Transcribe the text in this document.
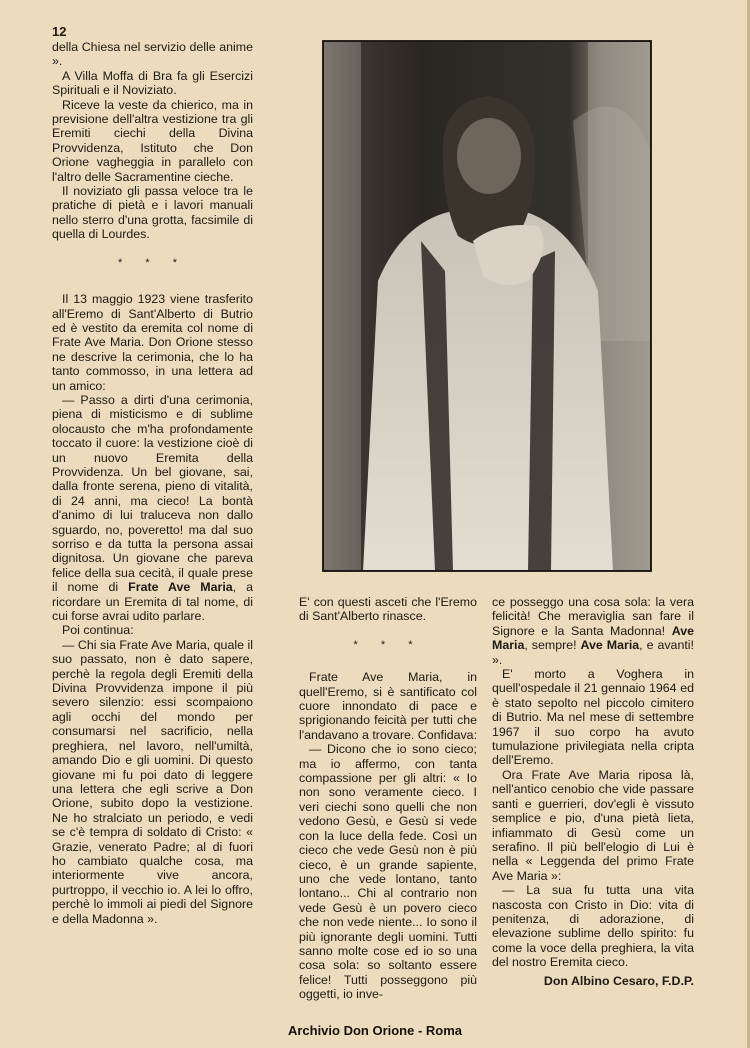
12

della Chiesa nel servizio delle anime ».

A Villa Moffa di Bra fa gli Esercizi Spirituali e il Noviziato.

Riceve la veste da chierico, ma in previsione dell'altra vestizione tra gli Eremiti ciechi della Divina Provvidenza, Istituto che Don Orione vagheggia in parallelo con l'altro delle Sacramentine cieche.

Il noviziato gli passa veloce tra le pratiche di pietà e i lavori manuali nello sterro d'una grotta, facsimile di quella di Lourdes.

* * *

Il 13 maggio 1923 viene trasferito all'Eremo di Sant'Alberto di Butrio ed è vestito da eremita col nome di Frate Ave Maria. Don Orione stesso ne descrive la cerimonia, che lo ha tanto commosso, in una lettera ad un amico:

— Passo a dirti d'una cerimonia, piena di misticismo e di sublime olocausto che m'ha profondamente toccato il cuore: la vestizione cioè di un nuovo Eremita della Provvidenza. Un bel giovane, sai, dalla fronte serena, pieno di vitalità, di 24 anni, ma cieco! La bontà d'animo di lui traluceva non dallo sguardo, no, poveretto! ma dal suo sorriso e da tutta la persona assai dignitosa. Un giovane che pareva felice della sua cecità, il quale prese il nome di Frate Ave Maria, a ricordare un Eremita di tal nome, di cui forse avrai udito parlare.

Poi continua:

— Chi sia Frate Ave Maria, quale il suo passato, non è dato sapere, perchè la regola degli Eremiti della Divina Provvidenza impone il più severo silenzio: essi scompaiono agli occhi del mondo per consumarsi nel sacrificio, nella preghiera, nel lavoro, nell'umiltà, amando Dio e gli uomini. Di questo giovane mi fu poi dato di leggere una lettera che egli scrive a Don Orione, subito dopo la vestizione. Ne ho stralciato un periodo, e vedi se c'è tempra di soldato di Cristo: « Grazie, venerato Padre; al di fuori ho cambiato qualche cosa, ma interiormente vive ancora, purtroppo, il vecchio io. A lei lo offro, perchè lo immoli ai piedi del Signore e della Madonna ».

E' con questi asceti che l'Eremo di Sant'Alberto rinasce.

* * *

Frate Ave Maria, in quell'Eremo, si è santificato col cuore innondato di pace e sprigionando feicità per tutti che l'andavano a trovare. Confidava:

— Dicono che io sono cieco; ma io affermo, con tanta compassione per gli altri: « Io non sono veramente cieco. I veri ciechi sono quelli che non vedono Gesù, e Gesù si vede con la luce della fede. Così un cieco che vede Gesù non è più cieco, è un grande sapiente, uno che vede lontano, tanto lontano... Chi al contrario non vede Gesù è un povero cieco che non vede niente... Io sono il più ignorante degli uomini. Tutti sanno molte cose ed io so una cosa sola: so soltanto essere felice! Tutti posseggono più oggetti, io inve-

ce posseggo una cosa sola: la vera felicità! Che meraviglia san fare il Signore e la Santa Madonna! Ave Maria, sempre! Ave Maria, e avanti! ».

E' morto a Voghera in quell'ospedale il 21 gennaio 1964 ed è stato sepolto nel piccolo cimitero di Butrio. Ma nel mese di settembre 1967 il suo corpo ha avuto tumulazione privilegiata nella cripta dell'Eremo.

Ora Frate Ave Maria riposa là, nell'antico cenobio che vide passare santi e guerrieri, dov'egli è vissuto semplice e pio, d'una pietà lieta, infiammato di Gesù come un serafino. Il più bell'elogio di Lui è nella « Leggenda del primo Frate Ave Maria »:

— La sua fu tutta una vita nascosta con Cristo in Dio: vita di penitenza, di adorazione, di elevazione sublime dello spirito: fu come la voce della preghiera, la vita del nostro Eremita cieco.

Don Albino Cesaro, F.D.P.
Archivio Don Orione - Roma
